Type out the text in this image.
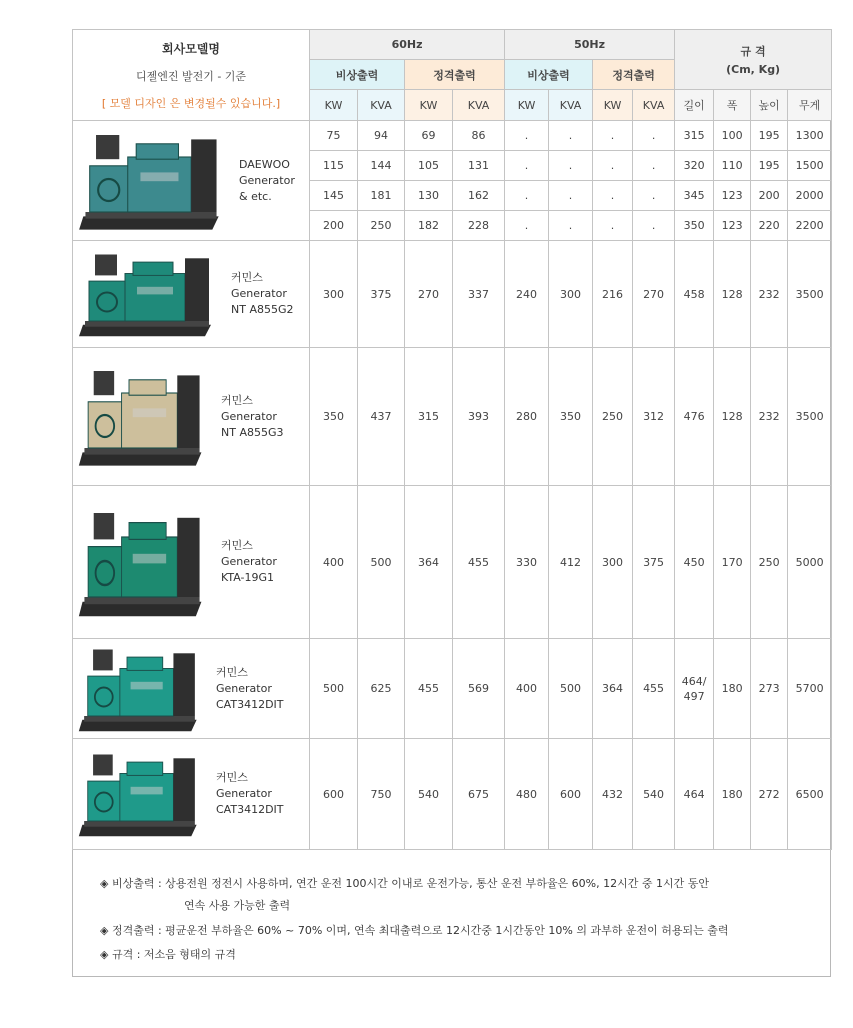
회사모델명
디젤엔진 발전기 - 기준
[ 모델 디자인 은 변경될수 있습니다.]	60Hz				50Hz				규 격
(Cm, Kg)			

	비상출력		정격출력		비상출력		정격출력					
	KW	KVA	KW	KVA	KW	KVA	KW	KVA	길이	폭	높이	무게

DAEWOO
Generator
& etc.	75	94	69	86	.	.	.	.	315	100	195	1300
	115	144	105	131	.	.	.	.	320	110	195	1500
	145	181	130	162	.	.	.	.	345	123	200	2000
	200	250	182	228	.	.	.	.	350	123	220	2200

커민스
Generator
NT A855G2	300	375	270	337	240	300	216	270	458	128	232	3500

커민스
Generator
NT A855G3	350	437	315	393	280	350	250	312	476	128	232	3500

커민스
Generator
KTA-19G1	400	500	364	455	330	412	300	375	450	170	250	5000

커민스
Generator
CAT3412DIT	500	625	455	569	400	500	364	455	464/ 497	180	273	5700

커민스
Generator
CAT3412DIT	600	750	540	675	480	600	432	540	464	180	272	6500
◈ 비상출력 : 상용전원 정전시 사용하며, 연간 운전 100시간 이내로 운전가능, 통산 운전 부하율은 60%, 12시간 중 1시간 동안
연속 사용 가능한 출력
◈ 정격출력 : 평균운전 부하율은 60% ~ 70% 이며, 연속 최대출력으로 12시간중 1시간동안 10% 의 과부하 운전이 허용되는 출력
◈ 규격 : 저소음 형태의 규격
